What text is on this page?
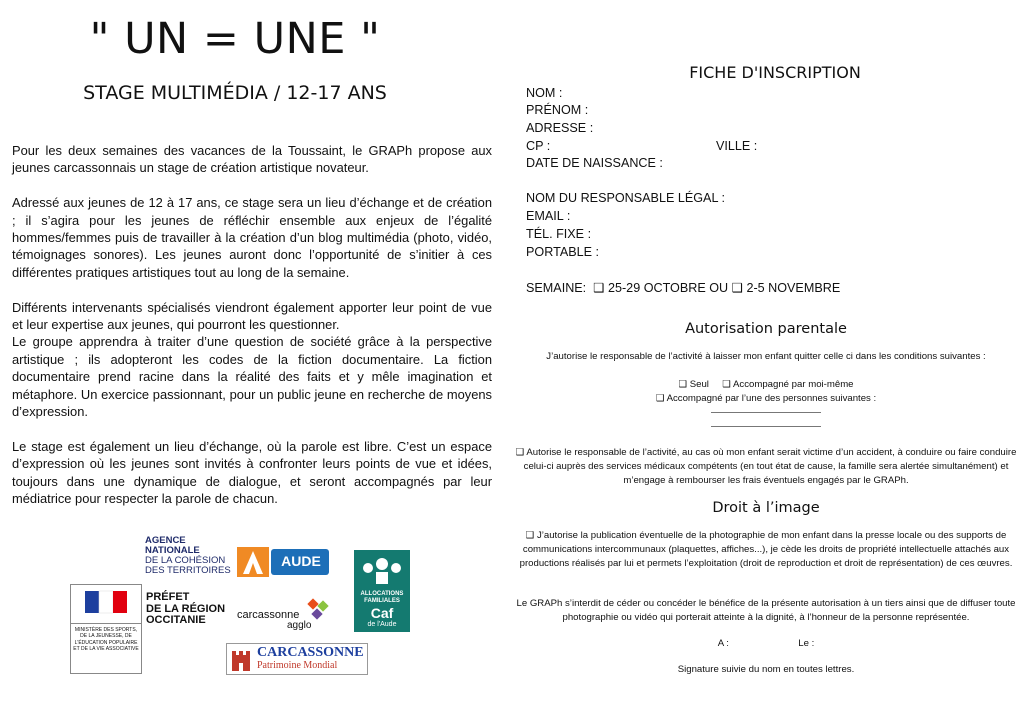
" UN = UNE "
STAGE MULTIMÉDIA / 12-17 ANS

Pour les deux semaines des vacances de la Toussaint, le GRAPh propose aux jeunes carcassonnais un stage de création artistique novateur.

Adressé aux jeunes de 12 à 17 ans, ce stage sera un lieu d’échange et de création ; il s’agira pour les jeunes de réfléchir ensemble aux enjeux de l’égalité hommes/femmes puis de travailler à la création d’un blog multimédia (photo, vidéo, témoignages sonores). Les jeunes auront donc l’opportunité de s’initier à ces différentes pratiques artistiques tout au long de la semaine.

Différents intervenants spécialisés viendront également apporter leur point de vue et leur expertise aux jeunes, qui pourront les questionner.

Le groupe apprendra à traiter d’une question de société grâce à la perspective artistique ; ils adopteront les codes de la fiction documentaire. La fiction documentaire prend racine dans la réalité des faits et y mêle imagination et métaphore. Un exercice passionnant, pour un public jeune en recherche de moyens d’expression.

Le stage est également un lieu d’échange, où la parole est libre. C’est un espace d’expression où les jeunes sont invités à confronter leurs points de vue et idées, toujours dans une dynamique de dialogue, et seront accompagnés par leur médiatrice pour respecter la parole de chacun.

AGENCE
NATIONALE
DE LA COHÉSION
DES TERRITOIRES
AUDE
ALLOCATIONS
FAMILIALES
Caf
de l'Aude
MINISTÈRE DES SPORTS, DE LA JEUNESSE, DE L'ÉDUCATION POPULAIRE ET DE LA VIE ASSOCIATIVE
PRÉFET
DE LA RÉGION
OCCITANIE	carcassonne
agglo
CARCASSONNE
Patrimoine Mondial
FICHE D'INSCRIPTION
NOM :
PRÉNOM :
ADRESSE :
CP :	VILLE :
DATE DE NAISSANCE :
NOM DU RESPONSABLE LÉGAL :
EMAIL :
TÉL. FIXE :
PORTABLE :
SEMAINE:  ❑ 25-29 OCTOBRE OU ❑ 2-5 NOVEMBRE
Autorisation parentale
J’autorise le responsable de l’activité à laisser mon enfant quitter celle ci dans les conditions suivantes :
❑ Seul ❑ Accompagné par moi-même
❑ Accompagné par l’une des personnes suivantes :
❑ Autorise le responsable de l’activité, au cas où mon enfant serait victime d’un accident, à conduire ou faire conduire celui-ci auprès des services médicaux compétents (en tout état de cause, la famille sera alertée simultanément) et m’engage à rembourser les frais éventuels engagés par le GRAPh.
Droit à l’image
❑ J’autorise la publication éventuelle de la photographie de mon enfant dans la presse locale ou des supports de communications intercommunaux (plaquettes, affiches...), je cède les droits de propriété intellectuelle attachés aux productions réalisés par lui et permets l’exploitation (droit de reproduction et droit de représentation) de ces œuvres.
Le GRAPh s’interdit de céder ou concéder le bénéfice de la présente autorisation à un tiers ainsi que de diffuser toute photographie ou vidéo qui porterait atteinte à la dignité, à l’honneur de la personne représentée.
A :	Le :
Signature suivie du nom en toutes lettres.
